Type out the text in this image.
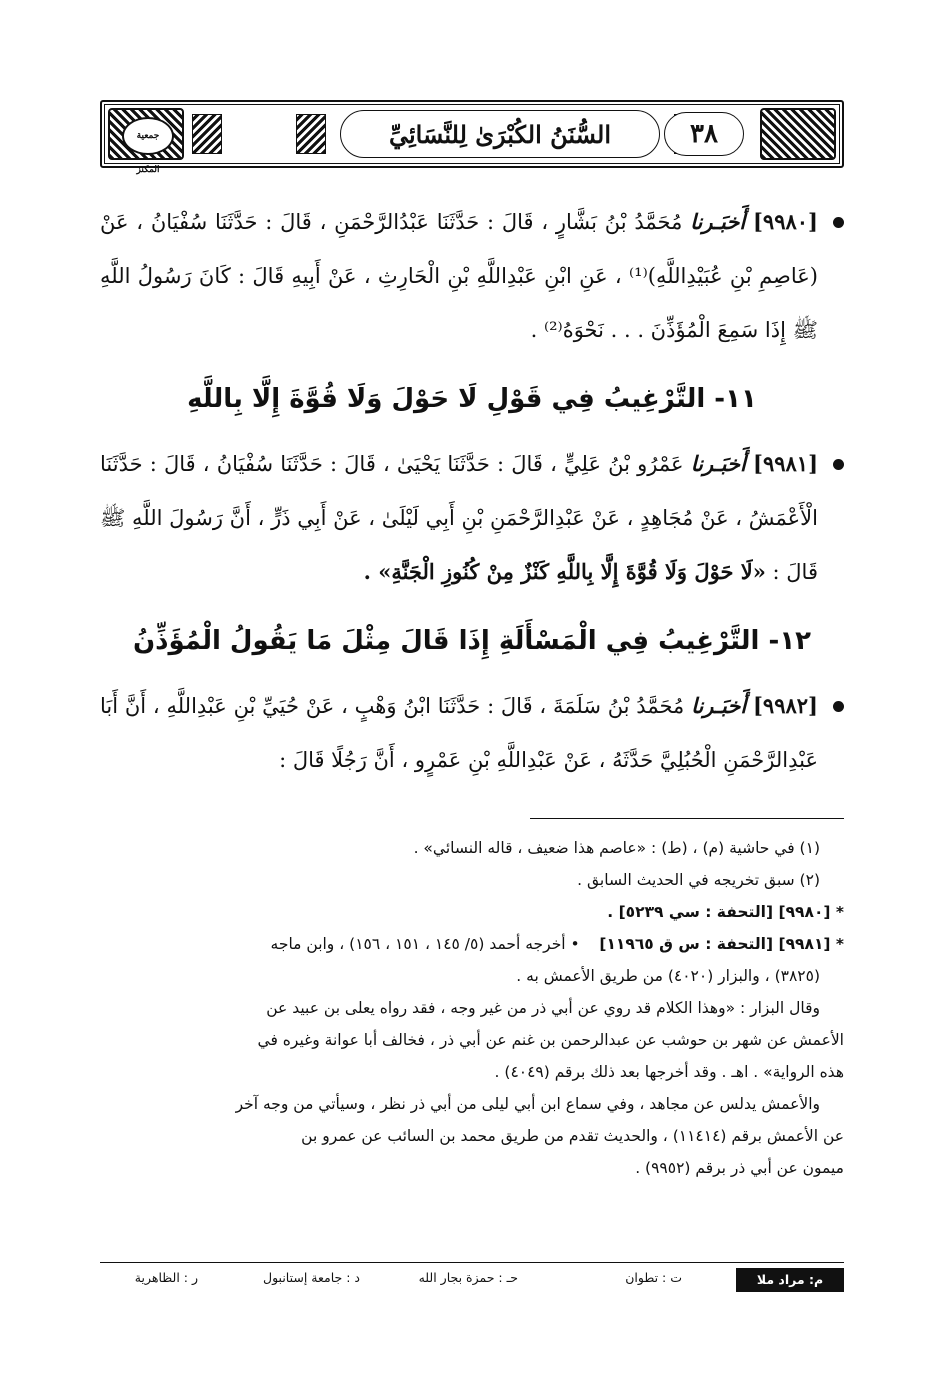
جمعية المكنز
السُّنَنُ الكُبْرَىٰ لِلنَّسَائِيِّ	٣٨
[٩٩٨٠] أَخبَـرنا مُحَمَّدُ بْنُ بَشَّارٍ ، قَالَ : حَدَّثَنَا عَبْدُالرَّحْمَنِ ، قَالَ : حَدَّثَنَا سُفْيَانُ ، عَنْ (عَاصِمِ بْنِ عُبَيْدِاللَّهِ)⁽¹⁾ ، عَنِ ابْنِ عَبْدِاللَّهِ بْنِ الْحَارِثِ ، عَنْ أَبِيهِ قَالَ : كَانَ رَسُولُ اللَّهِ ﷺ إِذَا سَمِعَ الْمُؤَذِّنَ . . . نَحْوَهُ⁽²⁾ .
١١- التَّرْغِيبُ فِي قَوْلِ لَا حَوْلَ وَلَا قُوَّةَ إِلَّا بِاللَّهِ
[٩٩٨١] أَخبَـرنا عَمْرُو بْنُ عَلِيٍّ ، قَالَ : حَدَّثَنَا يَحْيَىٰ ، قَالَ : حَدَّثَنَا سُفْيَانُ ، قَالَ : حَدَّثَنَا الْأَعْمَشُ ، عَنْ مُجَاهِدٍ ، عَنْ عَبْدِالرَّحْمَنِ بْنِ أَبِي لَيْلَىٰ ، عَنْ أَبِي ذَرٍّ ، أَنَّ رَسُولَ اللَّهِ ﷺ قَالَ : «لَا حَوْلَ وَلَا قُوَّةَ إِلَّا بِاللَّهِ كَنْزٌ مِنْ كُنُوزِ الْجَنَّةِ» .
١٢- التَّرْغِيبُ فِي الْمَسْأَلَةِ إِذَا قَالَ مِثْلَ مَا يَقُولُ الْمُؤَذِّنُ
[٩٩٨٢] أَخبَـرنا مُحَمَّدُ بْنُ سَلَمَةَ ، قَالَ : حَدَّثَنَا ابْنُ وَهْبٍ ، عَنْ حُيَيِّ بْنِ عَبْدِاللَّهِ ، أَنَّ أَبَا عَبْدِالرَّحْمَنِ الْحُبُلِيَّ حَدَّثَهُ ، عَنْ عَبْدِاللَّهِ بْنِ عَمْرٍو ، أَنَّ رَجُلًا قَالَ :
(١) في حاشية (م) ، (ط) : «عاصم هذا ضعيف ، قاله النسائي» .
(٢) سبق تخريجه في الحديث السابق .
* [٩٩٨٠] [التحفة : سي ٥٢٣٩] .
* [٩٩٨١] [التحفة : س ق ١١٩٦٥]    • أخرجه أحمد (٥/ ١٤٥ ، ١٥١ ، ١٥٦) ، وابن ماجه
(٣٨٢٥) ، والبزار (٤٠٢٠) من طريق الأعمش به .
وقال البزار : «وهذا الكلام قد روي عن أبي ذر من غير وجه ، فقد رواه يعلى بن عبيد عن
الأعمش عن شهر بن حوشب عن عبدالرحمن بن غنم عن أبي ذر ، فخالف أبا عوانة وغيره في
هذه الرواية» . اهـ . وقد أخرجها بعد ذلك برقم (٤٠٤٩) .
والأعمش يدلس عن مجاهد ، وفي سماع ابن أبي ليلى من أبي ذر نظر ، وسيأتي من وجه آخر
عن الأعمش برقم (١١٤١٤) ، والحديث تقدم من طريق محمد بن السائب عن عمرو بن
ميمون عن أبي ذر برقم (٩٩٥٢) .
م: مراد ملا
ت : تطوان
حـ : حمزة بجار الله
د : جامعة إستانبول
ر : الظاهرية
